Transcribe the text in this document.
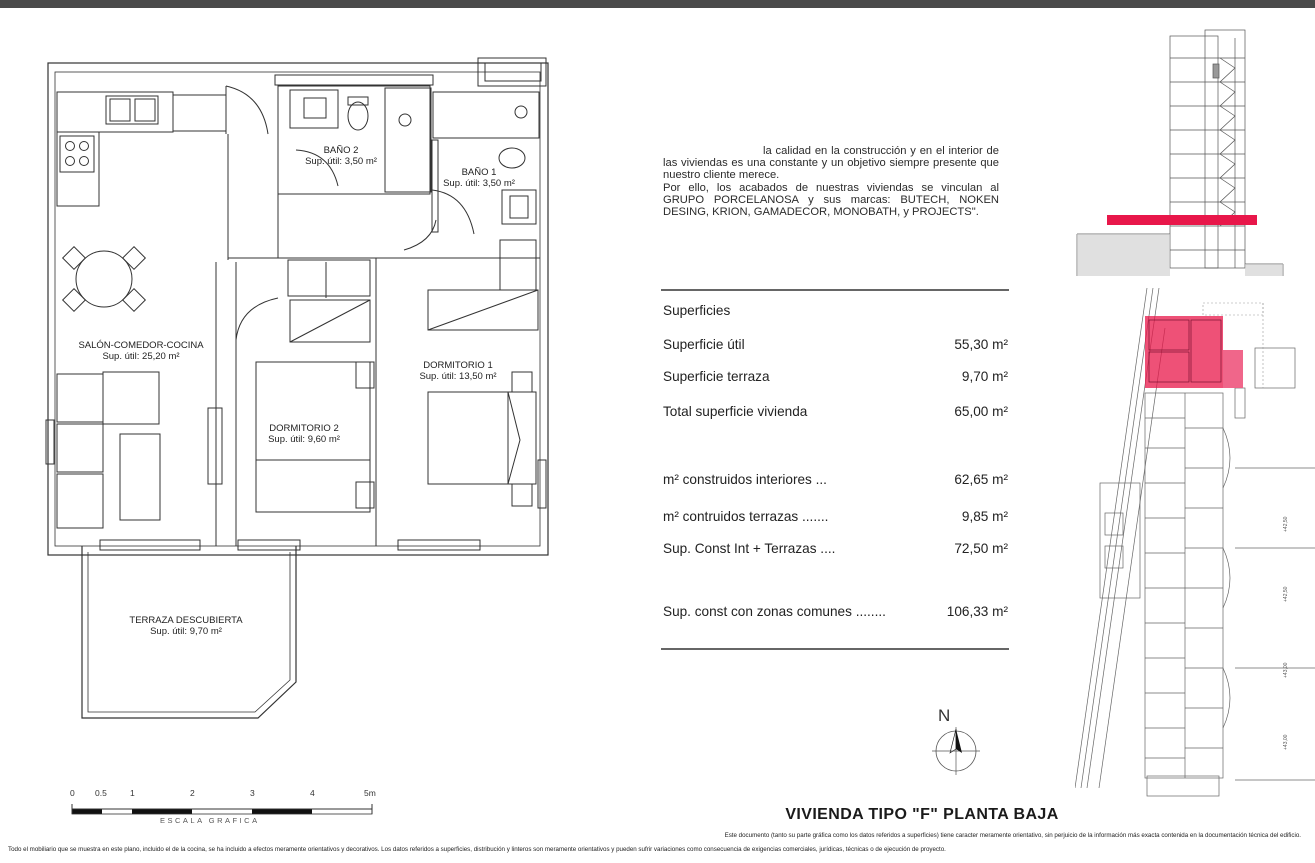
BAÑO 2
Sup. útil: 3,50 m²
BAÑO 1
Sup. útil: 3,50 m²
SALÓN-COMEDOR-COCINA
Sup. útil: 25,20 m²
DORMITORIO 1
Sup. útil: 13,50 m²
DORMITORIO 2
Sup. útil: 9,60 m²
TERRAZA DESCUBIERTA
Sup. útil: 9,70 m²
0 0.5	1	2	3	4	5m
ESCALA GRAFICA

la calidad en la construcción y en el interior de las viviendas es una constante y un objetivo siempre presente que nuestro cliente merece.

Por ello, los acabados de nuestras viviendas se vinculan al GRUPO PORCELANOSA y sus marcas: BUTECH, NOKEN DESING, KRION, GAMADECOR, MONOBATH, y PROJECTS".

Superficies
Superficie útil	55,30 m²
Superficie terraza	9,70 m²
Total superficie vivienda	65,00 m²
m² construidos interiores ...	62,65 m²
m² contruidos terrazas .......	9,85 m²
Sup. Const Int + Terrazas ....	72,50 m²
Sup. const con zonas comunes ........	106,33 m²
+42,50
+42,50
+43,00
+43,00
N
VIVIENDA TIPO "F" PLANTA BAJA
Este documento (tanto su parte gráfica como los datos referidos a superficies) tiene caracter meramente orientativo, sin perjuicio de la información más exacta contenida en la documentación técnica del edificio.
Todo el mobiliario que se muestra en este plano, incluido el de la cocina, se ha incluido a efectos meramente orientativos y decorativos. Los datos referidos a superficies, distribución y linteros son meramente orientativos y pueden sufrir variaciones como consecuencia de exigencias comerciales, jurídicas, técnicas o de ejecución de proyecto.
